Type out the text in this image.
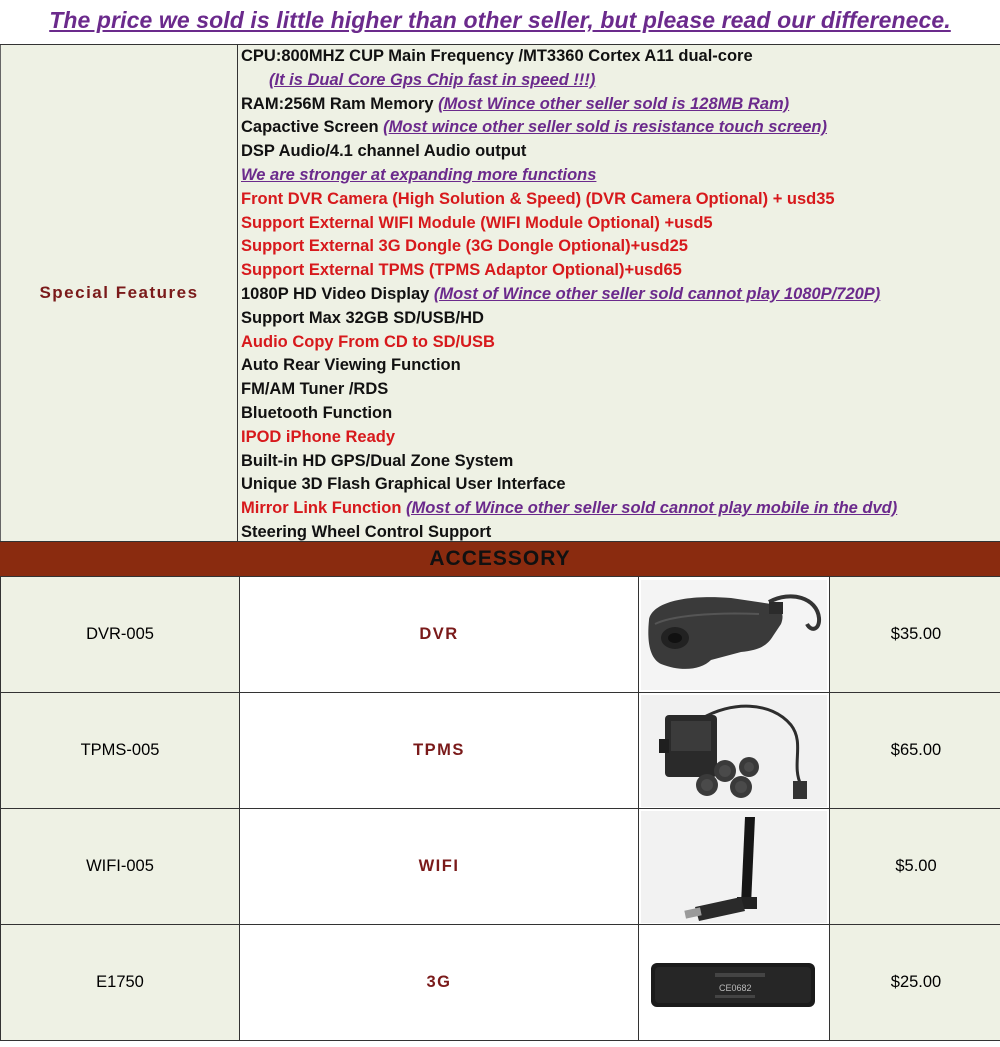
The price we sold is little higher than other seller, but please read our differenece.
Special Features
CPU:800MHZ CUP Main Frequency /MT3360 Cortex A11 dual-core
(It is Dual Core Gps Chip fast in speed !!!)
RAM:256M Ram Memory (Most Wince other seller sold is 128MB Ram)
Capactive Screen (Most wince other seller sold is resistance touch screen)
DSP Audio/4.1 channel Audio output
We are stronger at expanding more functions
Front DVR Camera (High Solution & Speed) (DVR Camera Optional) + usd35
Support External WIFI Module (WIFI Module Optional) +usd5
Support External 3G Dongle (3G Dongle Optional)+usd25
Support External TPMS (TPMS Adaptor Optional)+usd65
1080P HD Video Display (Most of Wince other seller sold cannot play 1080P/720P)
Support Max 32GB SD/USB/HD
Audio Copy From CD to SD/USB
Auto Rear Viewing Function
FM/AM Tuner /RDS
Bluetooth Function
IPOD iPhone Ready
Built-in HD GPS/Dual Zone System
Unique 3D Flash Graphical User Interface
Mirror Link Function (Most of Wince other seller sold cannot play mobile in the dvd)
Steering Wheel Control Support
ACCESSORY
DVR-005	DVR		$35.00
TPMS-005	TPMS		$65.00
WIFI-005	WIFI		$5.00
E1750	3G	CE0682	$25.00
